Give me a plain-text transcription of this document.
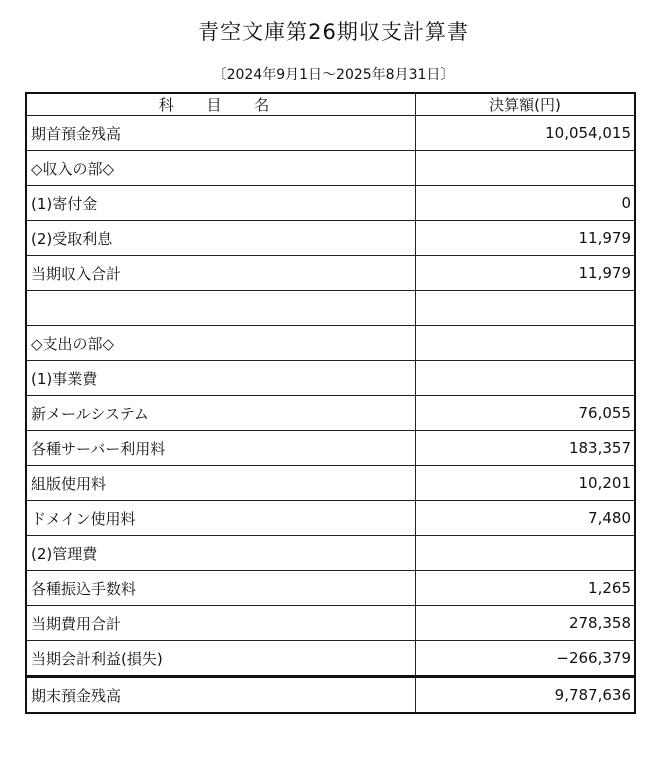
青空文庫第26期収支計算書
〔2024年9月1日～2025年8月31日〕
科 目 名	決算額(円)
期首預金残高	10,054,015
◇収入の部◇	
(1)寄付金	0
(2)受取利息	11,979
当期収入合計	11,979

◇支出の部◇	
(1)事業費	
新メールシステム	76,055
各種サーバー利用料	183,357
組版使用料	10,201
ドメイン使用料	7,480
(2)管理費	
各種振込手数料	1,265
当期費用合計	278,358
当期会計利益(損失)	−266,379
期末預金残高	9,787,636
